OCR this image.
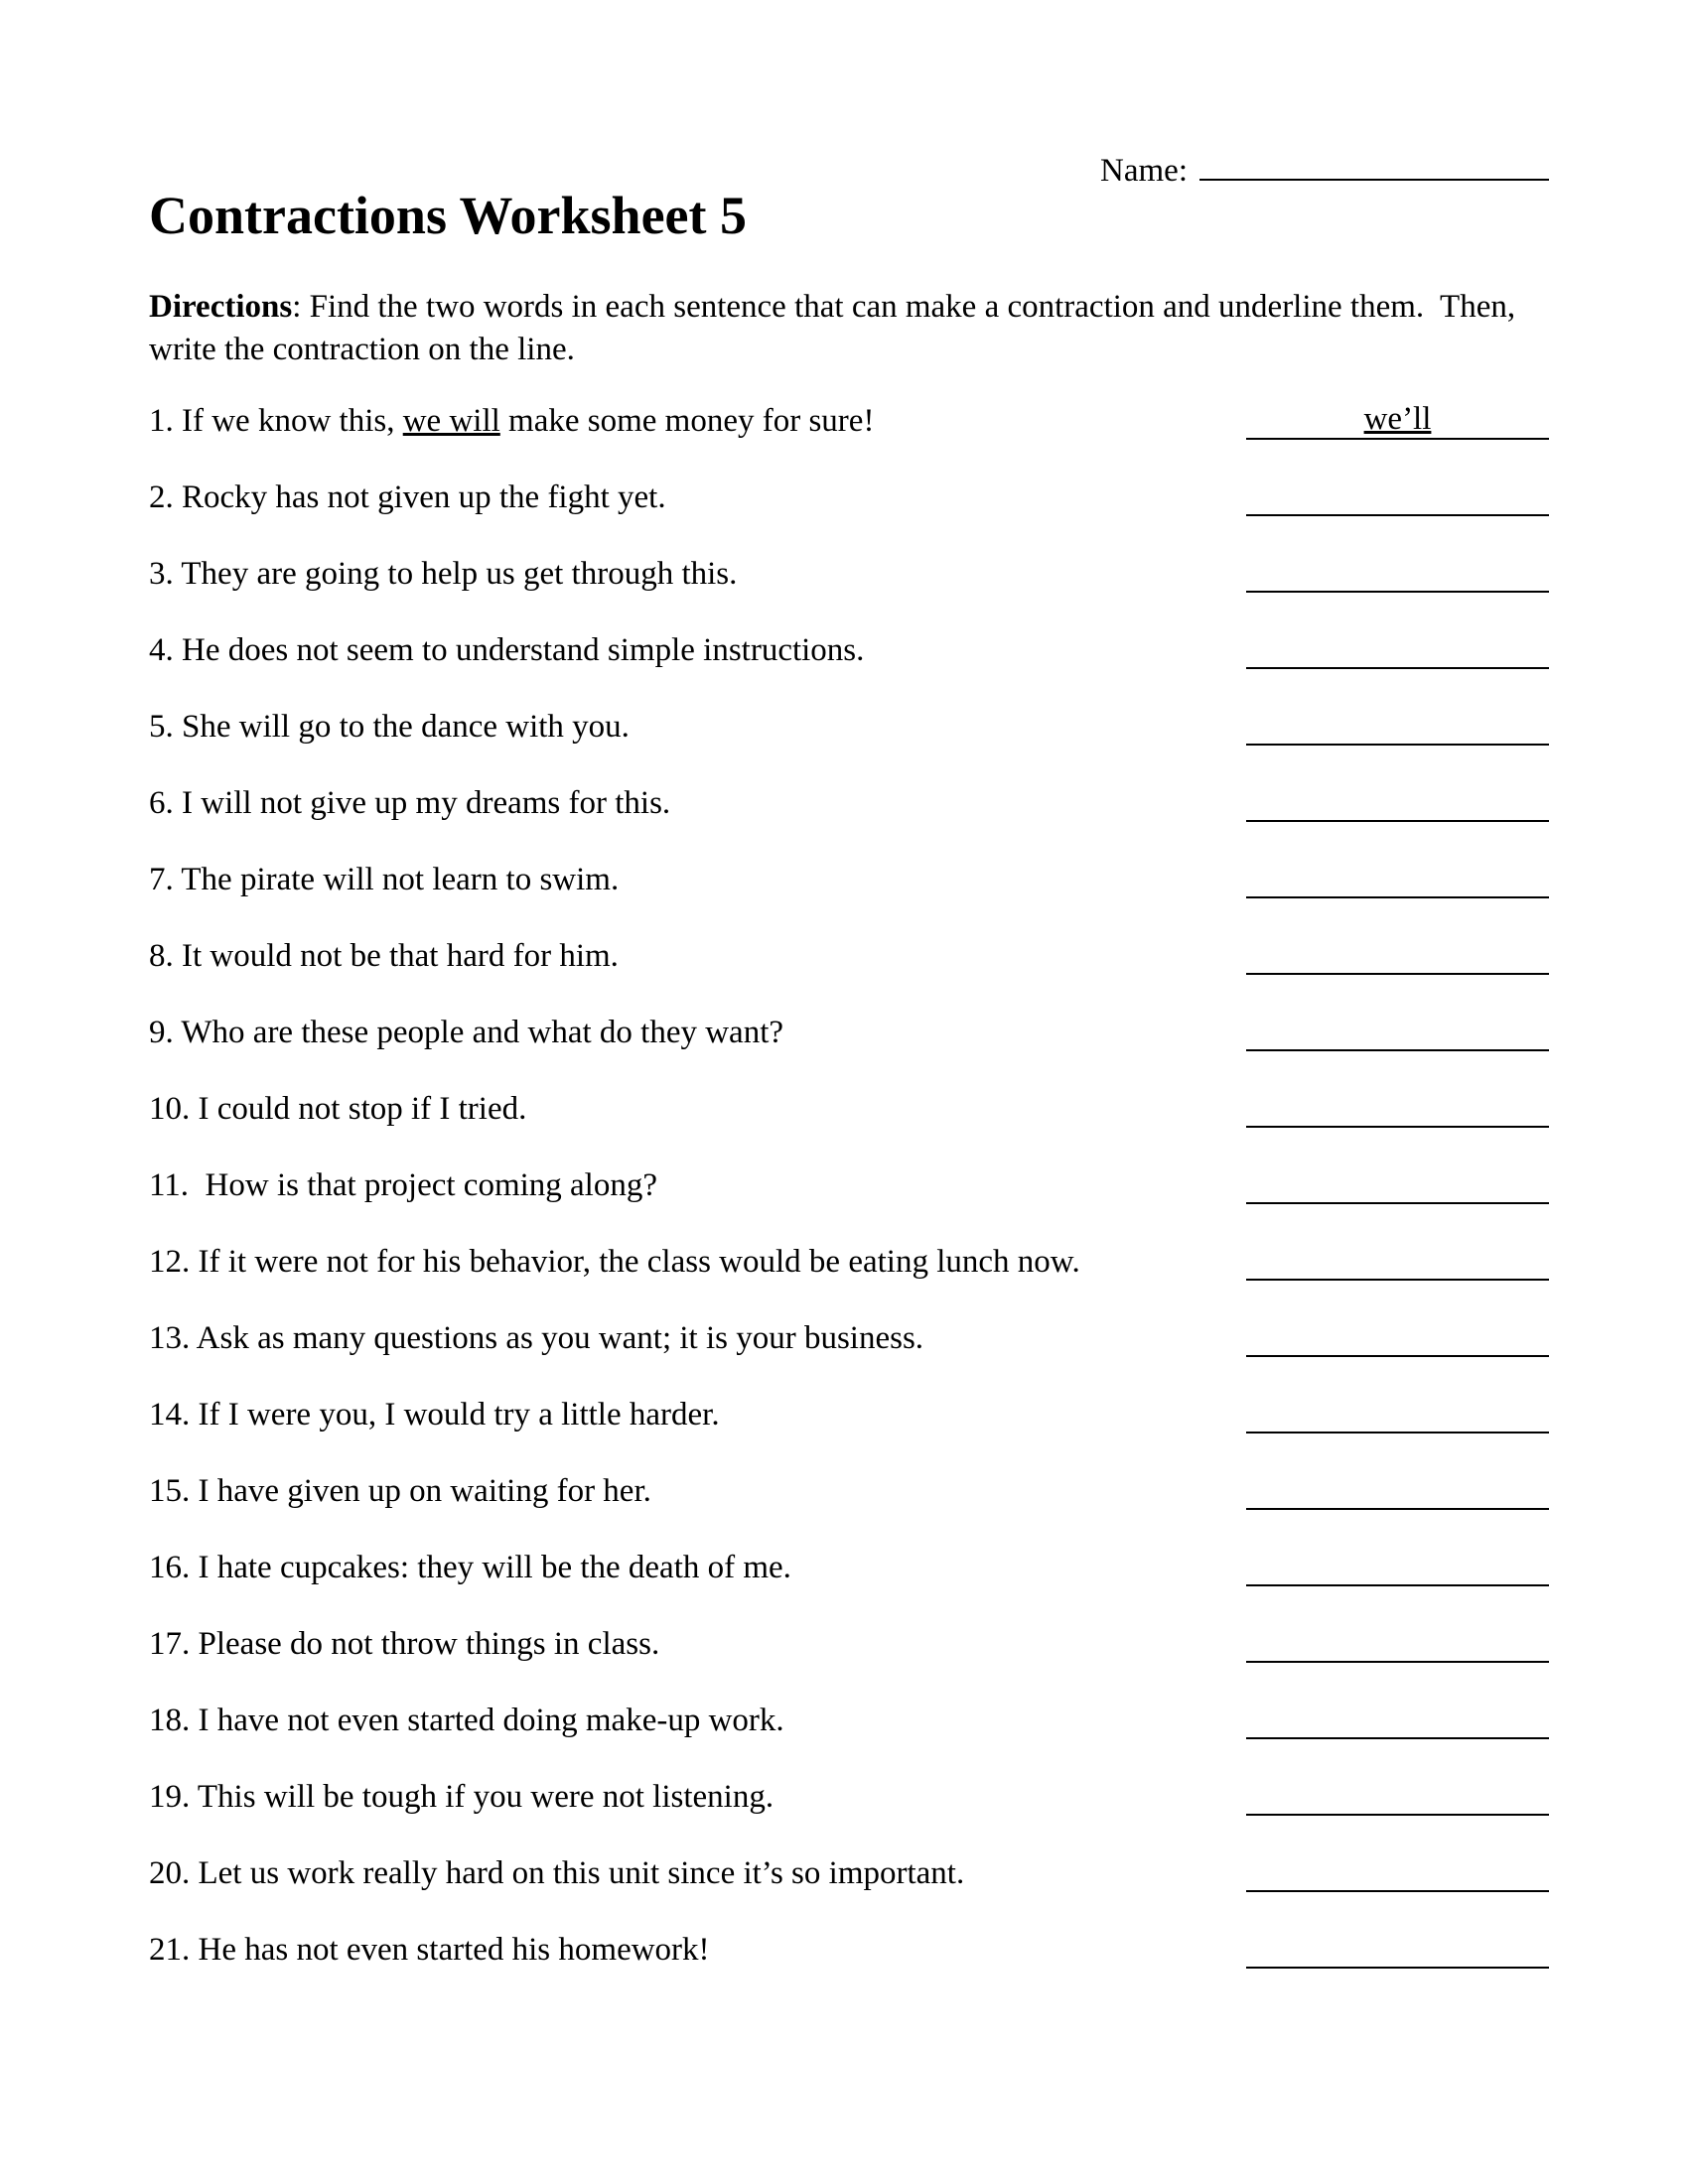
Name:
Contractions Worksheet 5

Directions: Find the two words in each sentence that can make a contraction and underline them.  Then, write the contraction on the line.

1. If we know this, we will make some money for sure!	we’ll
2. Rocky has not given up the fight yet.
3. They are going to help us get through this.
4. He does not seem to understand simple instructions.
5. She will go to the dance with you.
6. I will not give up my dreams for this.
7. The pirate will not learn to swim.
8. It would not be that hard for him.
9. Who are these people and what do they want?
10. I could not stop if I tried.
11.  How is that project coming along?
12. If it were not for his behavior, the class would be eating lunch now.
13. Ask as many questions as you want; it is your business.
14. If I were you, I would try a little harder.
15. I have given up on waiting for her.
16. I hate cupcakes: they will be the death of me.
17. Please do not throw things in class.
18. I have not even started doing make-up work.
19. This will be tough if you were not listening.
20. Let us work really hard on this unit since it’s so important.
21. He has not even started his homework!
